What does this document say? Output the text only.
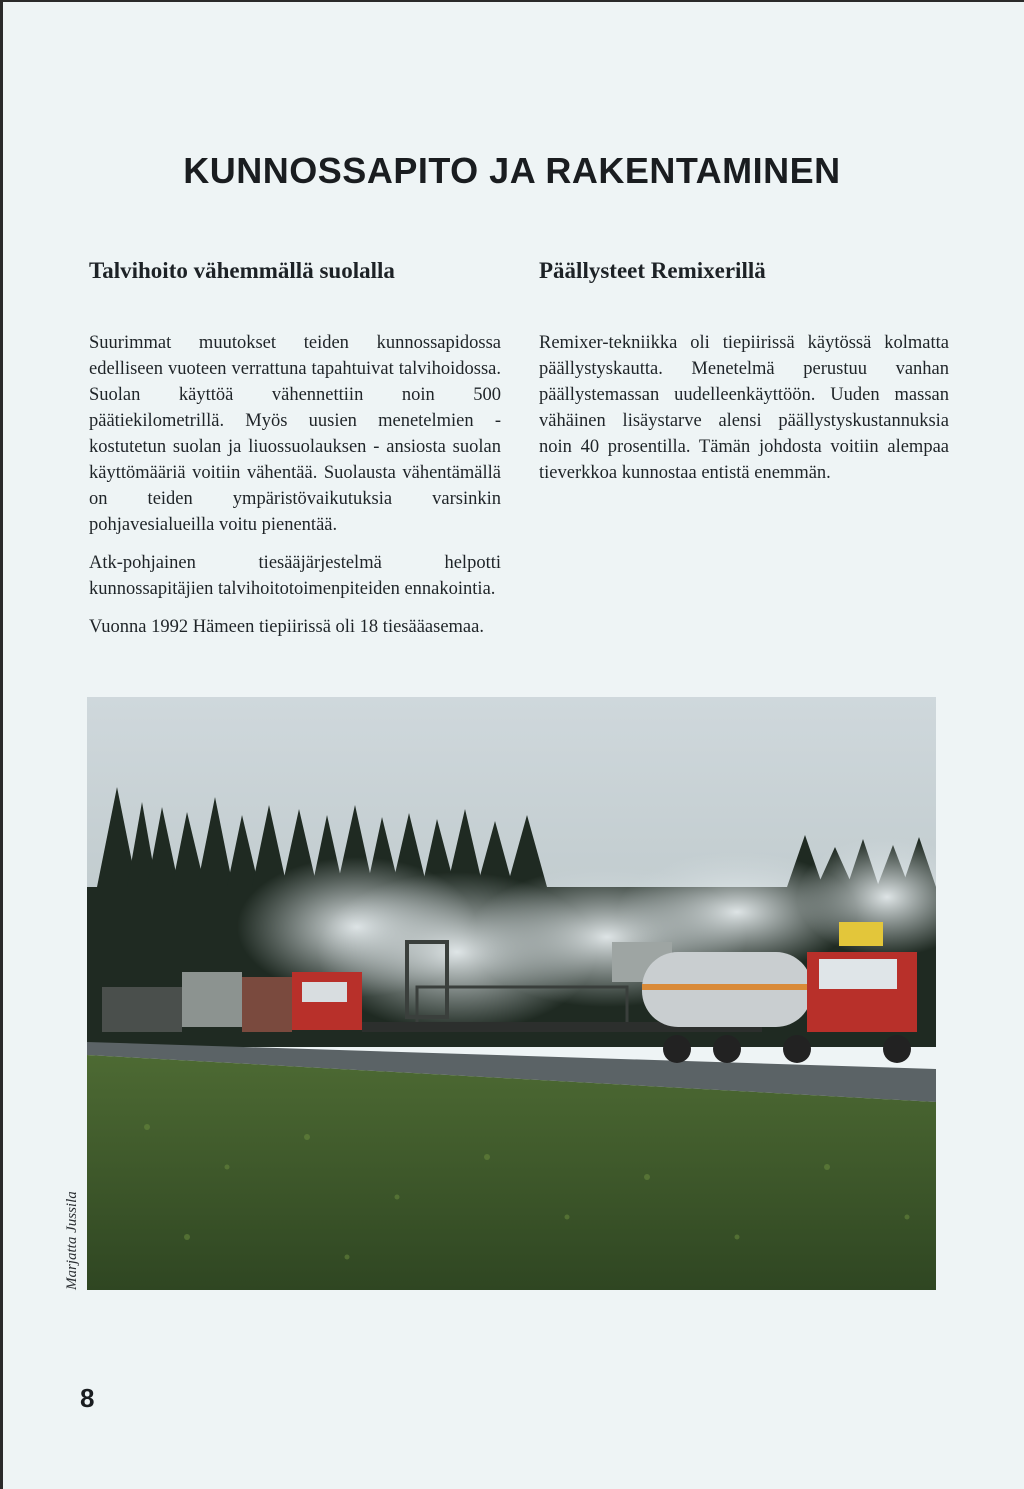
KUNNOSSAPITO JA RAKENTAMINEN
Talvihoito vähemmällä suolalla

Suurimmat muutokset teiden kunnossapidossa edelliseen vuoteen verrattuna tapahtuivat talvihoidossa. Suolan käyttöä vähennettiin noin 500 päätiekilometrillä. Myös uusien menetelmien - kostutetun suolan ja liuossuolauksen - ansiosta suolan käyttömääriä voitiin vähentää. Suolausta vähentämällä on teiden ympäristövaikutuksia varsinkin pohjavesialueilla voitu pienentää.

Atk-pohjainen tiesääjärjestelmä helpotti kunnossapitäjien talvihoitotoimenpiteiden ennakointia.

Vuonna 1992 Hämeen tiepiirissä oli 18 tiesääasemaa.

Päällysteet Remixerillä

Remixer-tekniikka oli tiepiirissä käytössä kolmatta päällystyskautta. Menetelmä perustuu vanhan päällystemassan uudelleenkäyttöön. Uuden massan vähäinen lisäystarve alensi päällystyskustannuksia noin 40 prosentilla. Tämän johdosta voitiin alempaa tieverkkoa kunnostaa entistä enemmän.

Marjatta Jussila
8
